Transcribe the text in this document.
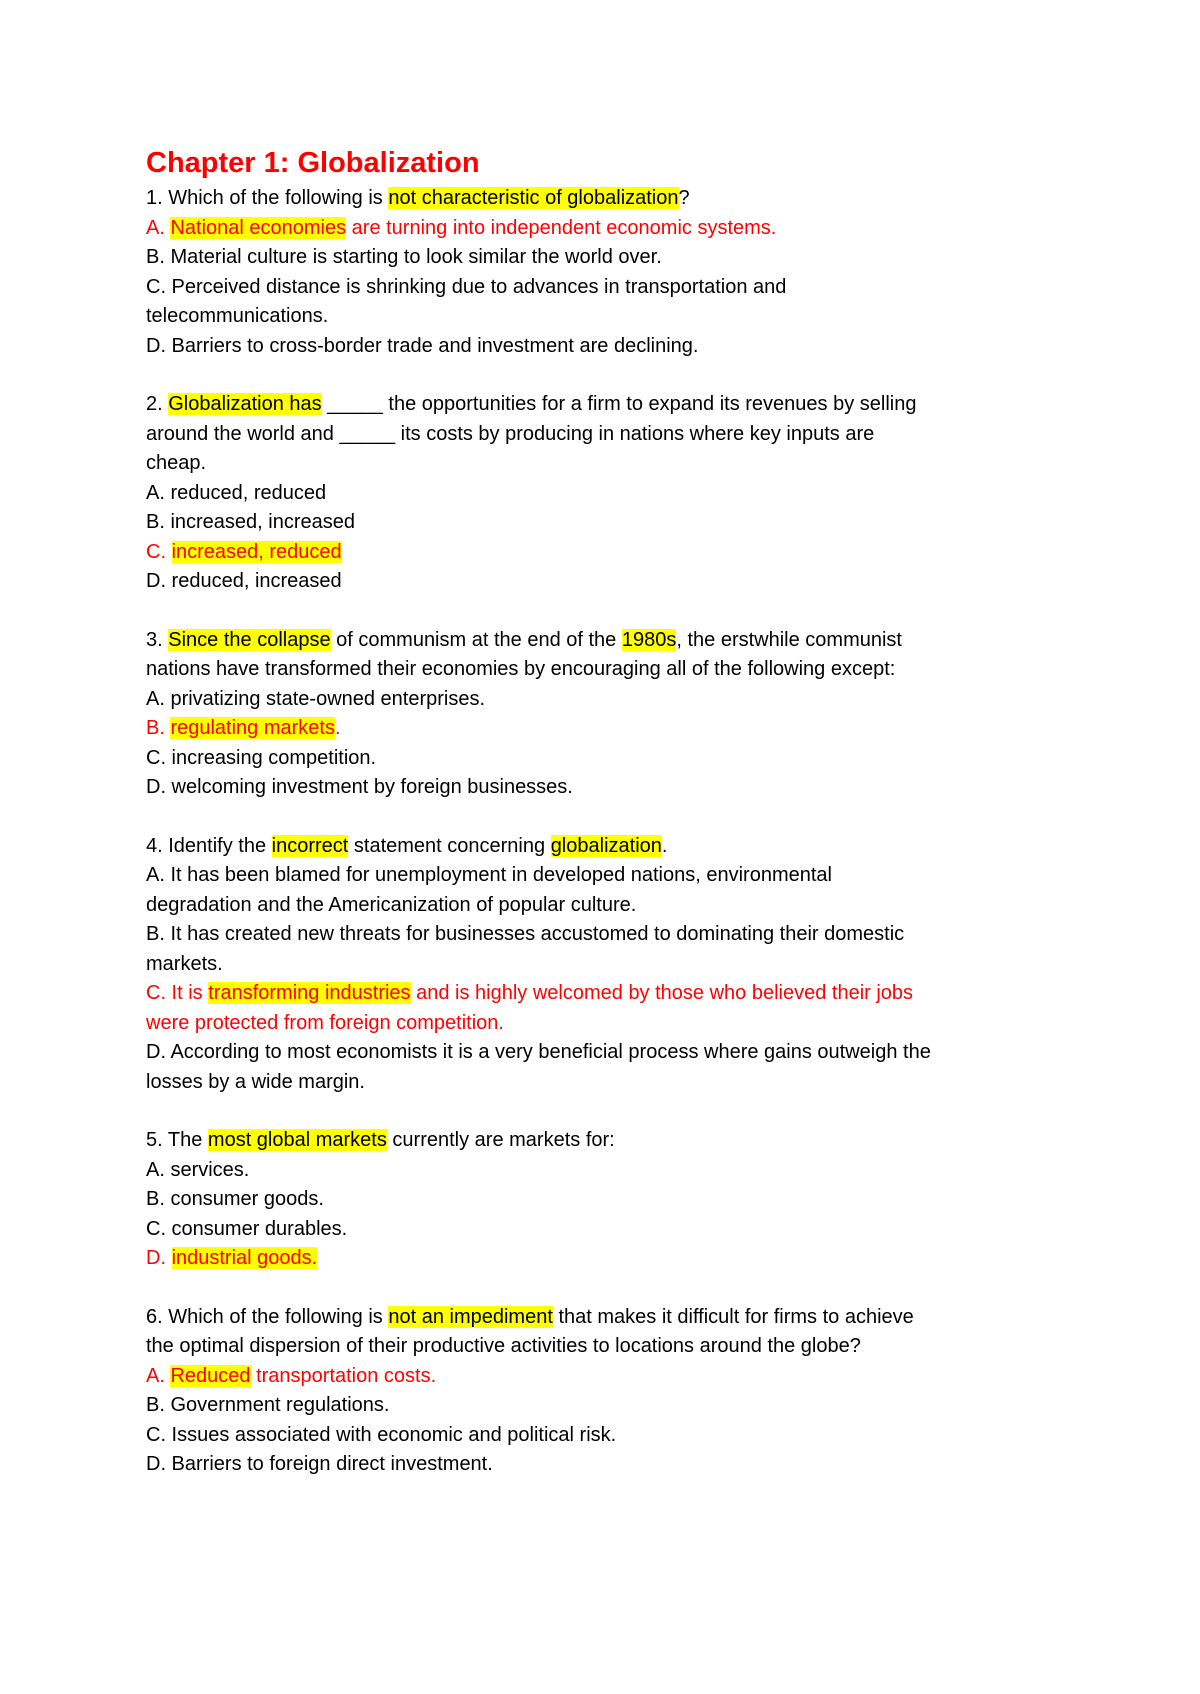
Chapter 1: Globalization
1. Which of the following is not characteristic of globalization?
A. National economies are turning into independent economic systems.
B. Material culture is starting to look similar the world over.
C. Perceived distance is shrinking due to advances in transportation and
telecommunications.
D. Barriers to cross-border trade and investment are declining.
2. Globalization has _____ the opportunities for a firm to expand its revenues by selling
around the world and _____ its costs by producing in nations where key inputs are
cheap.
A. reduced, reduced
B. increased, increased
C. increased, reduced
D. reduced, increased
3. Since the collapse of communism at the end of the 1980s, the erstwhile communist
nations have transformed their economies by encouraging all of the following except:
A. privatizing state-owned enterprises.
B. regulating markets.
C. increasing competition.
D. welcoming investment by foreign businesses.
4. Identify the incorrect statement concerning globalization.
A. It has been blamed for unemployment in developed nations, environmental
degradation and the Americanization of popular culture.
B. It has created new threats for businesses accustomed to dominating their domestic
markets.
C. It is transforming industries and is highly welcomed by those who believed their jobs
were protected from foreign competition.
D. According to most economists it is a very beneficial process where gains outweigh the
losses by a wide margin.
5. The most global markets currently are markets for:
A. services.
B. consumer goods.
C. consumer durables.
D. industrial goods.
6. Which of the following is not an impediment that makes it difficult for firms to achieve
the optimal dispersion of their productive activities to locations around the globe?
A. Reduced transportation costs.
B. Government regulations.
C. Issues associated with economic and political risk.
D. Barriers to foreign direct investment.
